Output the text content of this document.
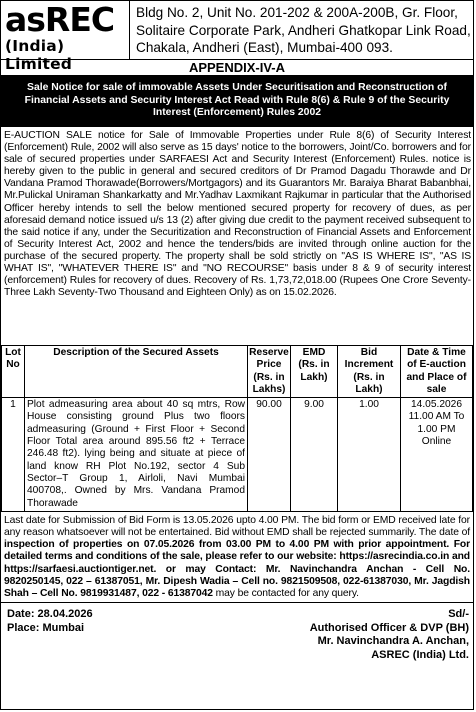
asREC
(India) Limited
Bldg No. 2, Unit No. 201-202 & 200A-200B, Gr. Floor,
Solitaire Corporate Park, Andheri Ghatkopar Link Road,
Chakala, Andheri (East), Mumbai-400 093.
APPENDIX-IV-A
Sale Notice for sale of immovable Assets Under Securitisation and Reconstruction of Financial Assets and Security Interest Act Read with Rule 8(6) & Rule 9 of the Security Interest (Enforcement) Rules 2002
E-AUCTION SALE notice for Sale of Immovable Properties under Rule 8(6) of Security Interest (Enforcement) Rule, 2002 will also serve as 15 days' notice to the borrowers, Joint/Co. borrowers and for sale of secured properties under SARFAESI Act and Security Interest (Enforcement) Rules. notice is hereby given to the public in general and secured creditors of Dr Pramod Dagadu Thorawde and Dr Vandana Pramod Thorawade(Borrowers/Mortgagors) and its Guarantors Mr. Baraiya Bharat Babanbhai, Mr.Pulickal Uniraman Shankarkatty and Mr.Yadhav Laxmikant Rajkumar in particular that the Authorised Officer hereby intends to sell the below mentioned secured property for recovery of dues, as per aforesaid demand notice issued u/s 13 (2) after giving due credit to the payment received subsequent to the said notice if any, under the Securitization and Reconstruction of Financial Assets and Enforcement of Security Interest Act, 2002 and hence the tenders/bids are invited through online auction for the purchase of the secured property. The property shall be sold strictly on "AS IS WHERE IS", "AS IS WHAT IS", "WHATEVER THERE IS" and "NO RECOURSE" basis under 8 & 9 of security interest (enforcement) Rules for recovery of dues. Recovery of Rs. 1,73,72,018.00 (Rupees One Crore Seventy-Three Lakh Seventy-Two Thousand and Eighteen Only) as on 15.02.2026.
Lot No	Description of the Secured Assets	Reserve Price (Rs. in Lakhs)	EMD (Rs. in Lakh)	Bid Increment (Rs. in Lakh)	Date & Time of E-auction and Place of sale
1	Plot admeasuring area about 40 sq mtrs, Row House consisting ground Plus two floors admeasuring (Ground + First Floor + Second Floor Total area around 895.56 ft2 + Terrace 246.48 ft2). lying being and situate at piece of land know RH Plot No.192, sector 4 Sub Sector–T Group 1, Airloli, Navi Mumbai 400708,. Owned by Mrs. Vandana Pramod Thorawade	90.00	9.00	1.00	14.05.2026 11.00 AM To 1.00 PM Online
Last date for Submission of Bid Form is 13.05.2026 upto 4.00 PM. The bid form or EMD received late for any reason whatsoever will not be entertained. Bid without EMD shall be rejected summarily. The date of inspection of properties on 07.05.2026 from 03.00 PM to 4.00 PM with prior appointment. For detailed terms and conditions of the sale, please refer to our website: https://asrecindia.co.in and https://sarfaesi.auctiontiger.net. or may Contact: Mr. Navinchandra Anchan - Cell No. 9820250145, 022 – 61387051, Mr. Dipesh Wadia – Cell no. 9821509508, 022-61387030, Mr. Jagdish Shah – Cell No. 9819931487, 022 - 61387042 may be contacted for any query.
Date: 28.04.2026
Place: Mumbai
Sd/-
Authorised Officer & DVP (BH)
Mr. Navinchandra A. Anchan,
ASREC (India) Ltd.
